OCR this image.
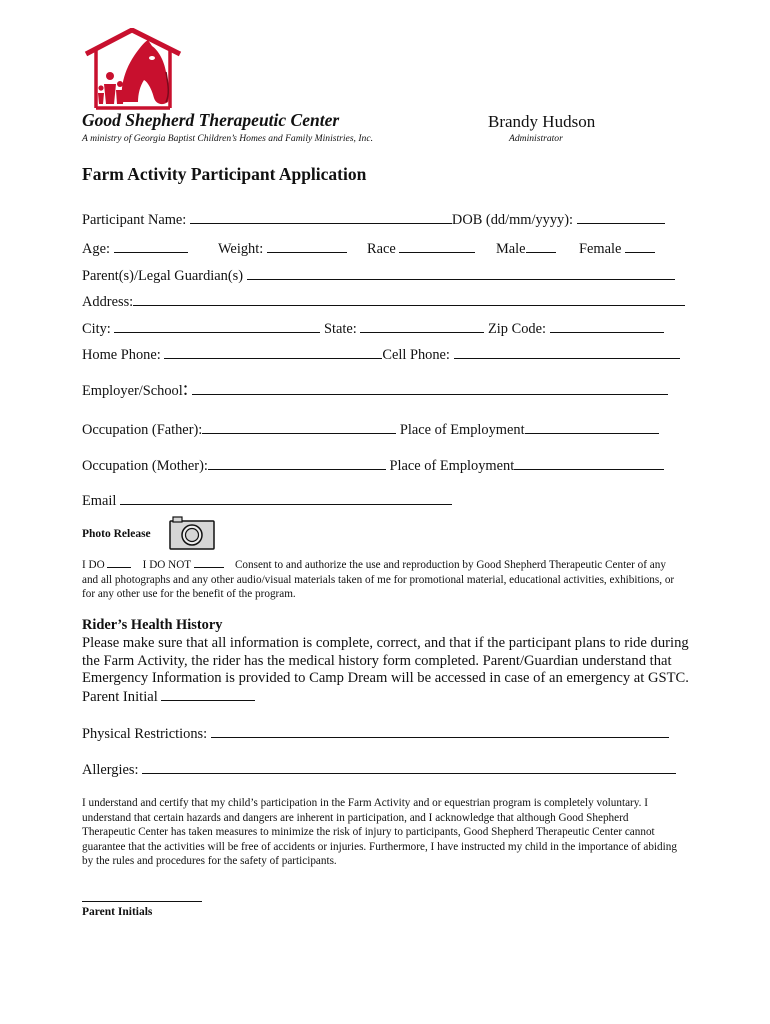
Good Shepherd Therapeutic Center
A ministry of Georgia Baptist Children’s Homes and Family Ministries, Inc.
Brandy Hudson
Administrator
Farm Activity Participant Application
Participant Name:	DOB (dd/mm/yyyy):
Age:	Weight:	Race	Male	Female
Parent(s)/Legal Guardian(s)
Address:
City:	State:	Zip Code:
Home Phone:	Cell Phone:
Employer/School:
Occupation (Father):	Place of Employment
Occupation (Mother):	Place of Employment
Email
Photo Release
I DO	I DO NOT	Consent to and authorize the use and reproduction by Good Shepherd Therapeutic Center of any and all photographs and any other audio/visual materials taken of me for promotional material, educational activities, exhibitions, or for any other use for the benefit of the program.
Rider’s Health History
Please make sure that all information is complete, correct, and that if the participant plans to ride during the Farm Activity, the rider has the medical history form completed. Parent/Guardian understand that Emergency Information is provided to Camp Dream will be accessed in case of an emergency at GSTC. Parent Initial
Physical Restrictions:
Allergies:
I understand and certify that my child’s participation in the Farm Activity and or equestrian program is completely voluntary. I understand that certain hazards and dangers are inherent in participation, and I acknowledge that although Good Shepherd Therapeutic Center has taken measures to minimize the risk of injury to participants, Good Shepherd Therapeutic Center cannot guarantee that the activities will be free of accidents or injuries. Furthermore, I have instructed my child in the importance of abiding by the rules and procedures for the safety of participants.
Parent Initials
